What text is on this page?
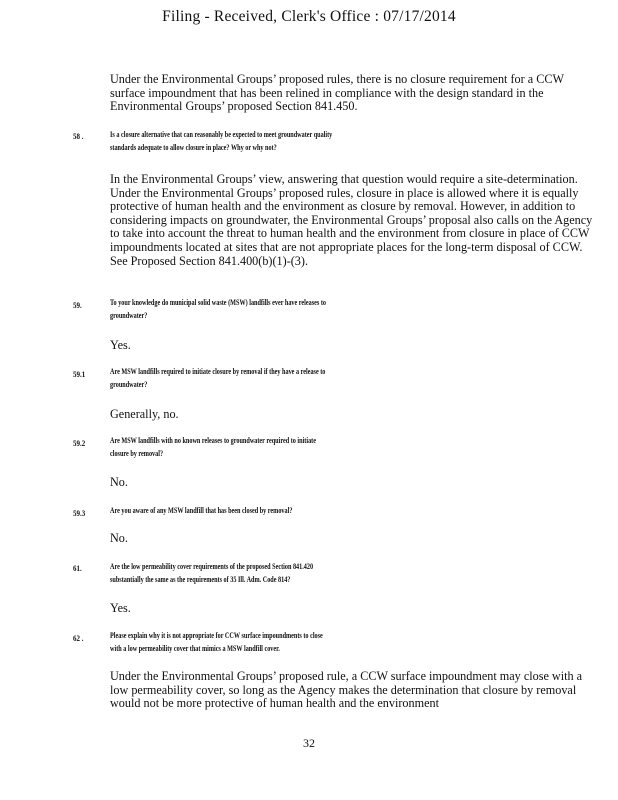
Filing - Received, Clerk's Office : 07/17/2014
Under the Environmental Groups’ proposed rules, there is no closure requirement for a CCW surface impoundment that has been relined in compliance with the design standard in the Environmental Groups’ proposed Section 841.450.
58 .	Is a closure alternative that can reasonably be expected to meet groundwater quality
standards adequate to allow closure in place? Why or why not?
In the Environmental Groups’ view, answering that question would require a site-determination. Under the Environmental Groups’ proposed rules, closure in place is allowed where it is equally protective of human health and the environment as closure by removal. However, in addition to considering impacts on groundwater, the Environmental Groups’ proposal also calls on the Agency to take into account the threat to human health and the environment from closure in place of CCW impoundments located at sites that are not appropriate places for the long-term disposal of CCW. See Proposed Section 841.400(b)(1)-(3).
59.	To your knowledge do municipal solid waste (MSW) landfills ever have releases to
groundwater?
Yes.
59.1	Are MSW landfills required to initiate closure by removal if they have a release to
groundwater?
Generally, no.
59.2	Are MSW landfills with no known releases to groundwater required to initiate
closure by removal?
No.
59.3	Are you aware of any MSW landfill that has been closed by removal?
No.
61.	Are the low permeability cover requirements of the proposed Section 841.420
substantially the same as the requirements of 35 Ill. Adm. Code 814?
Yes.
62 .	Please explain why it is not appropriate for CCW surface impoundments to close
with a low permeability cover that mimics a MSW landfill cover.
Under the Environmental Groups’ proposed rule, a CCW surface impoundment may close with a low permeability cover, so long as the Agency makes the determination that closure by removal would not be more protective of human health and the environment
32
